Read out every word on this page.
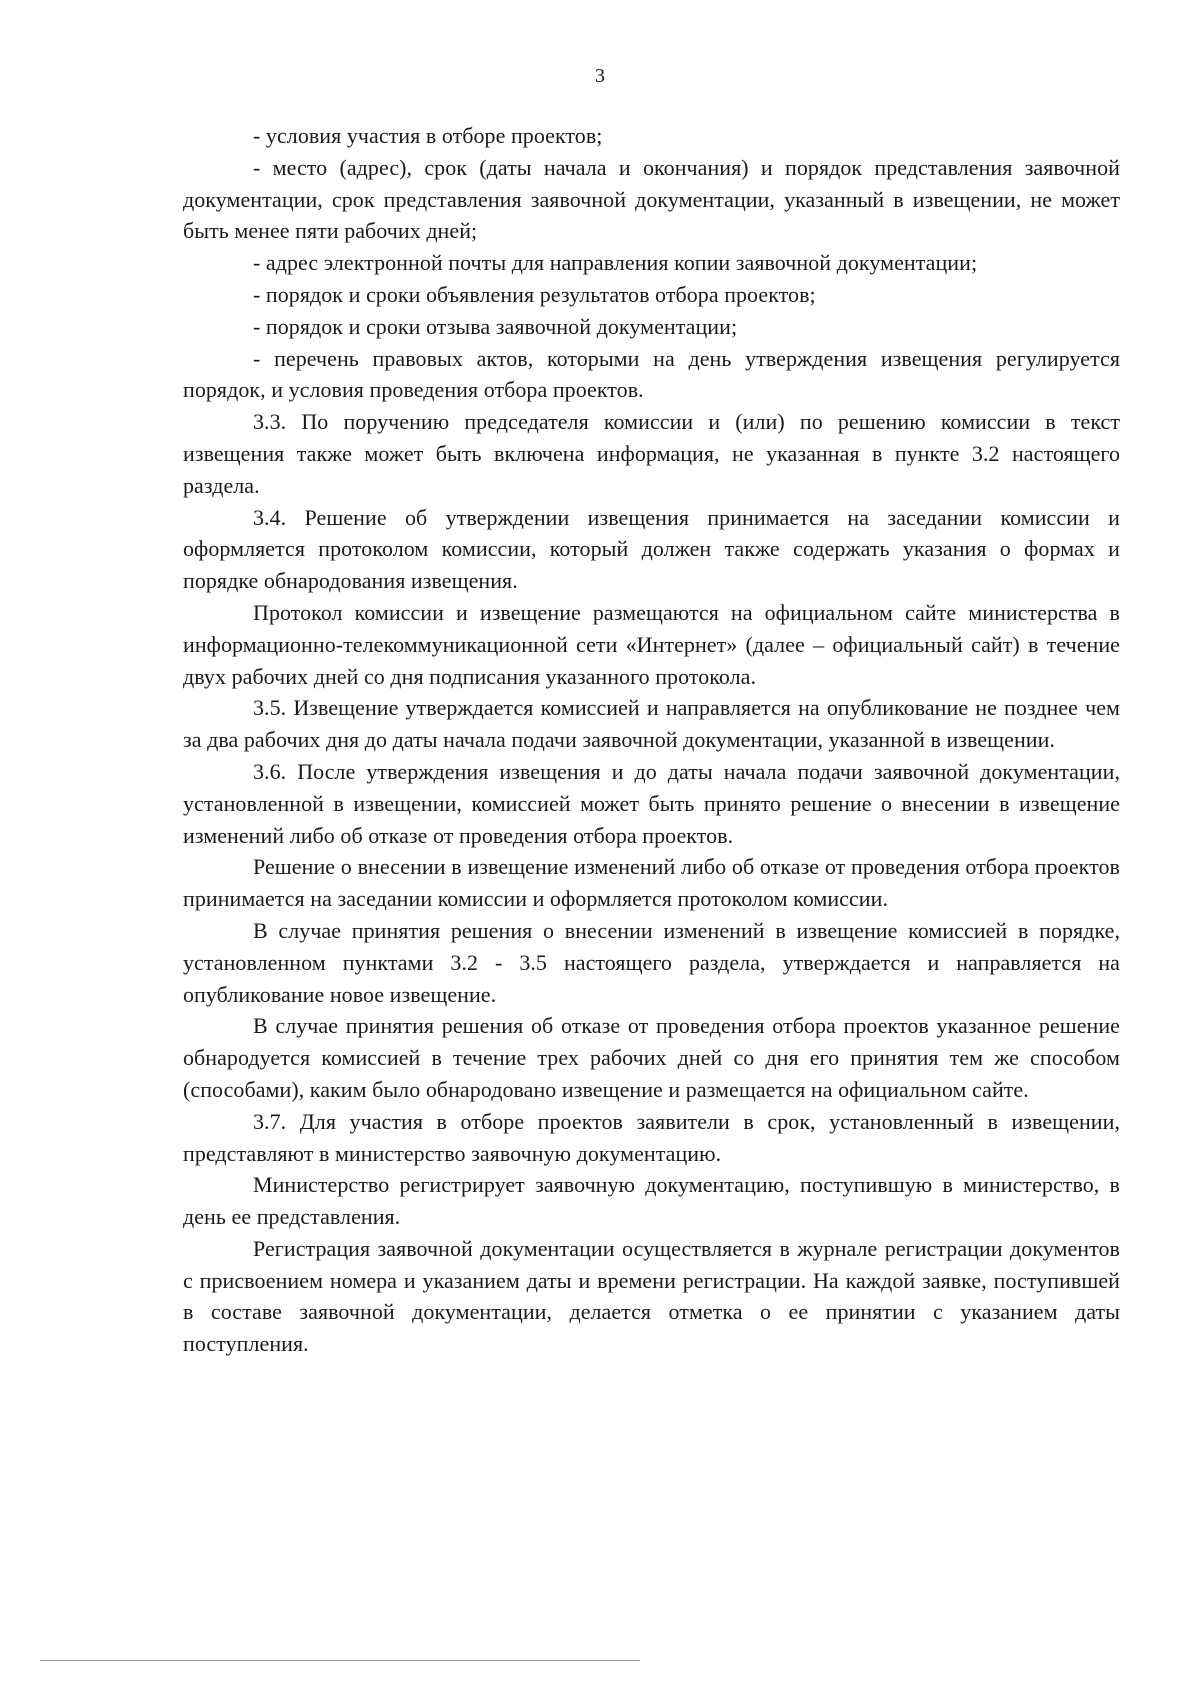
3

- условия участия в отборе проектов;

- место (адрес), срок (даты начала и окончания) и порядок представления заявочной документации, срок представления заявочной документации, указанный в извещении, не может быть менее пяти рабочих дней;

- адрес электронной почты для направления копии заявочной документации;

- порядок и сроки объявления результатов отбора проектов;

- порядок и сроки отзыва заявочной документации;

- перечень правовых актов, которыми на день утверждения извещения регулируется порядок, и условия проведения отбора проектов.

3.3. По поручению председателя комиссии и (или) по решению комиссии в текст извещения также может быть включена информация, не указанная в пункте 3.2 настоящего раздела.

3.4. Решение об утверждении извещения принимается на заседании комиссии и оформляется протоколом комиссии, который должен также содержать указания о формах и порядке обнародования извещения.

Протокол комиссии и извещение размещаются на официальном сайте министерства в информационно-телекоммуникационной сети «Интернет» (далее – официальный сайт) в течение двух рабочих дней со дня подписания указанного протокола.

3.5. Извещение утверждается комиссией и направляется на опубликование не позднее чем за два рабочих дня до даты начала подачи заявочной документации, указанной в извещении.

3.6. После утверждения извещения и до даты начала подачи заявочной документации, установленной в извещении, комиссией может быть принято решение о внесении в извещение изменений либо об отказе от проведения отбора проектов.

Решение о внесении в извещение изменений либо об отказе от проведения отбора проектов принимается на заседании комиссии и оформляется протоколом комиссии.

В случае принятия решения о внесении изменений в извещение комиссией в порядке, установленном пунктами 3.2 - 3.5 настоящего раздела, утверждается и направляется на опубликование новое извещение.

В случае принятия решения об отказе от проведения отбора проектов указанное решение обнародуется комиссией в течение трех рабочих дней со дня его принятия тем же способом (способами), каким было обнародовано извещение и размещается на официальном сайте.

3.7. Для участия в отборе проектов заявители в срок, установленный в извещении, представляют в министерство заявочную документацию.

Министерство регистрирует заявочную документацию, поступившую в министерство, в день ее представления.

Регистрация заявочной документации осуществляется в журнале регистрации документов с присвоением номера и указанием даты и времени регистрации. На каждой заявке, поступившей в составе заявочной документации, делается отметка о ее принятии с указанием даты поступления.
